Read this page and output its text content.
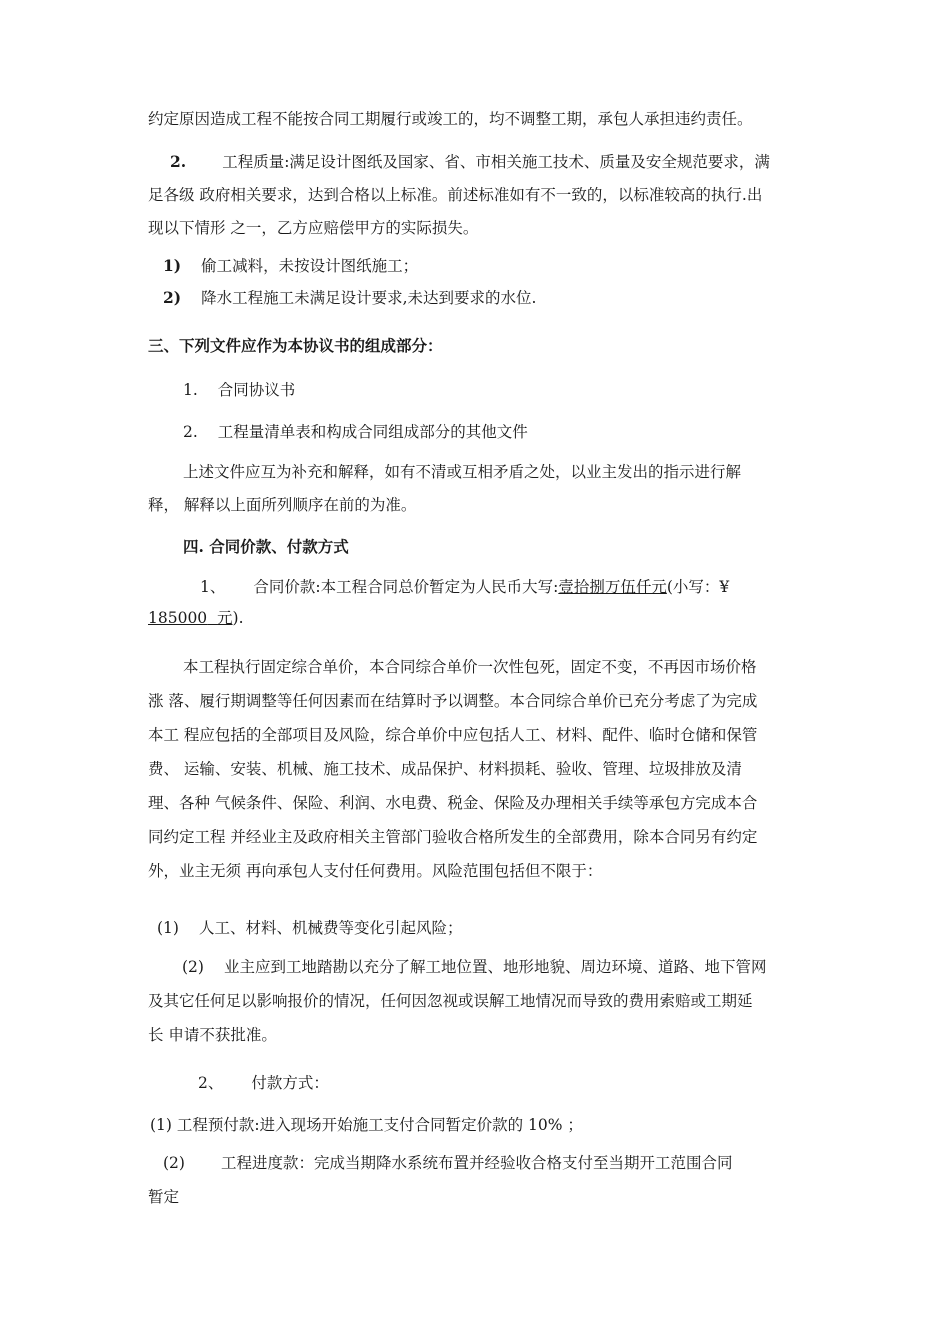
约定原因造成工程不能按合同工期履行或竣工的，均不调整工期，承包人承担违约责任。
2. 工程质量:满足设计图纸及国家、省、市相关施工技术、质量及安全规范要求，满
足各级 政府相关要求，达到合格以上标准。前述标准如有不一致的，以标准较高的执行.出
现以下情形 之一，乙方应赔偿甲方的实际损失。
1) 偷工减料，未按设计图纸施工；
2) 降水工程施工未满足设计要求,未达到要求的水位.
三、下列文件应作为本协议书的组成部分：
1. 合同协议书
2. 工程量清单表和构成合同组成部分的其他文件
上述文件应互为补充和解释，如有不清或互相矛盾之处，以业主发出的指示进行解
释， 解释以上面所列顺序在前的为准。
四. 合同价款、付款方式
1、 合同价款:本工程合同总价暂定为人民币大写:壹拾捌万伍仟元(小写：¥
185000 元).
本工程执行固定综合单价，本合同综合单价一次性包死，固定不变，不再因市场价格
涨 落、履行期调整等任何因素而在结算时予以调整。本合同综合单价已充分考虑了为完成
本工 程应包括的全部项目及风险，综合单价中应包括人工、材料、配件、临时仓储和保管
费、 运输、安装、机械、施工技术、成品保护、材料损耗、验收、管理、垃圾排放及清
理、各种 气候条件、保险、利润、水电费、税金、保险及办理相关手续等承包方完成本合
同约定工程 并经业主及政府相关主管部门验收合格所发生的全部费用，除本合同另有约定
外，业主无须 再向承包人支付任何费用。风险范围包括但不限于：
(1) 人工、材料、机械费等变化引起风险；
(2) 业主应到工地踏勘以充分了解工地位置、地形地貌、周边环境、道路、地下管网
及其它任何足以影响报价的情况，任何因忽视或误解工地情况而导致的费用索赔或工期延
长 申请不获批准。
2、 付款方式：
(1) 工程预付款:进入现场开始施工支付合同暂定价款的 10% ；
(2) 工程进度款：完成当期降水系统布置并经验收合格支付至当期开工范围合同
暂定
